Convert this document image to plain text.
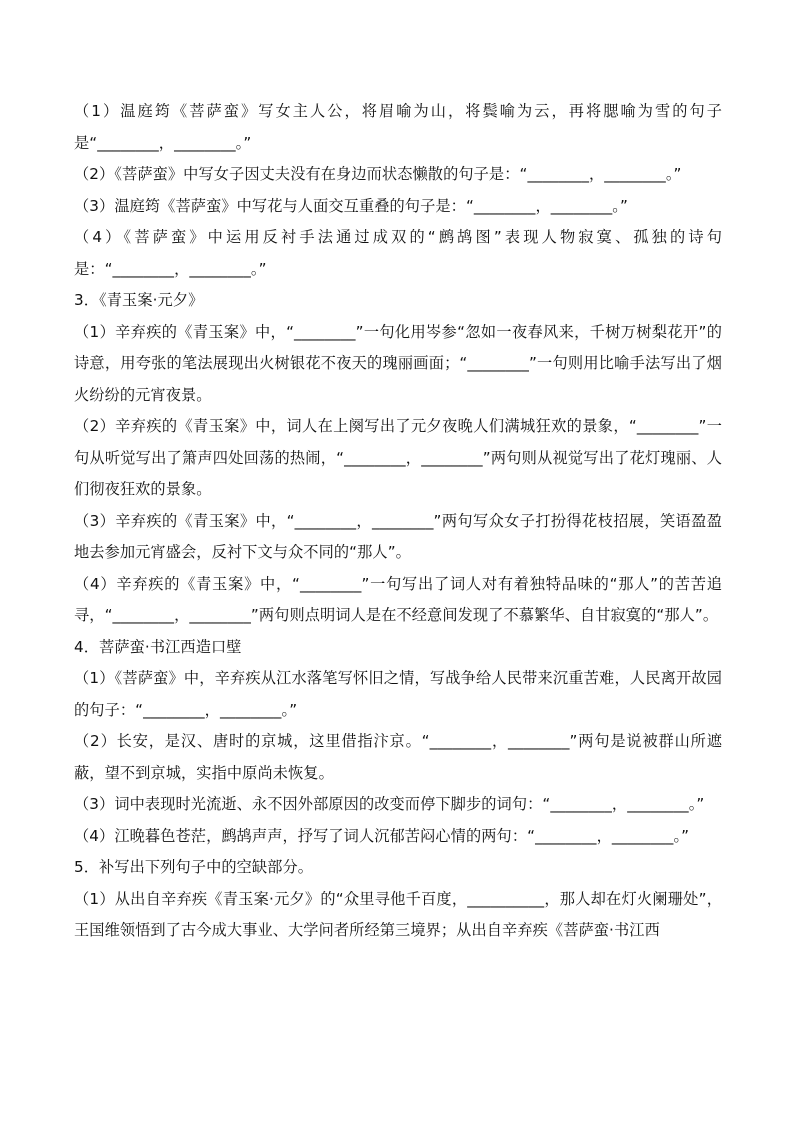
（1）温庭筠《菩萨蛮》写女主人公，将眉喻为山，将鬓喻为云，再将腮喻为雪的句子是“________，________。”

（2）《菩萨蛮》中写女子因丈夫没有在身边而状态懒散的句子是：“________，________。”

（3）温庭筠《菩萨蛮》中写花与人面交互重叠的句子是：“________，________。”

（4）《菩萨蛮》中运用反衬手法通过成双的“鹧鸪图”表现人物寂寞、孤独的诗句是：“________，________。”

3．《青玉案·元夕》

（1）辛弃疾的《青玉案》中，“________”一句化用岑参“忽如一夜春风来，千树万树梨花开”的诗意，用夸张的笔法展现出火树银花不夜天的瑰丽画面；“________”一句则用比喻手法写出了烟火纷纷的元宵夜景。

（2）辛弃疾的《青玉案》中，词人在上阕写出了元夕夜晚人们满城狂欢的景象，“________”一句从听觉写出了箫声四处回荡的热闹，“________，________”两句则从视觉写出了花灯瑰丽、人们彻夜狂欢的景象。

（3）辛弃疾的《青玉案》中，“________，________”两句写众女子打扮得花枝招展，笑语盈盈地去参加元宵盛会，反衬下文与众不同的“那人”。

（4）辛弃疾的《青玉案》中，“________”一句写出了词人对有着独特品味的“那人”的苦苦追寻，“________，________”两句则点明词人是在不经意间发现了不慕繁华、自甘寂寞的“那人”。

4．菩萨蛮·书江西造口壁

（1）《菩萨蛮》中，辛弃疾从江水落笔写怀旧之情，写战争给人民带来沉重苦难，人民离开故园的句子：“________，________。”

（2）长安，是汉、唐时的京城，这里借指汴京。“________，________”两句是说被群山所遮蔽，望不到京城，实指中原尚未恢复。

（3）词中表现时光流逝、永不因外部原因的改变而停下脚步的词句：“________，________。”

（4）江晚暮色苍茫，鹧鸪声声，抒写了词人沉郁苦闷心情的两句：“________，________。”

5．补写出下列句子中的空缺部分。

（1）从出自辛弃疾《青玉案·元夕》的“众里寻他千百度，__________，那人却在灯火阑珊处”，王国维领悟到了古今成大事业、大学问者所经第三境界；从出自辛弃疾《菩萨蛮·书江西
